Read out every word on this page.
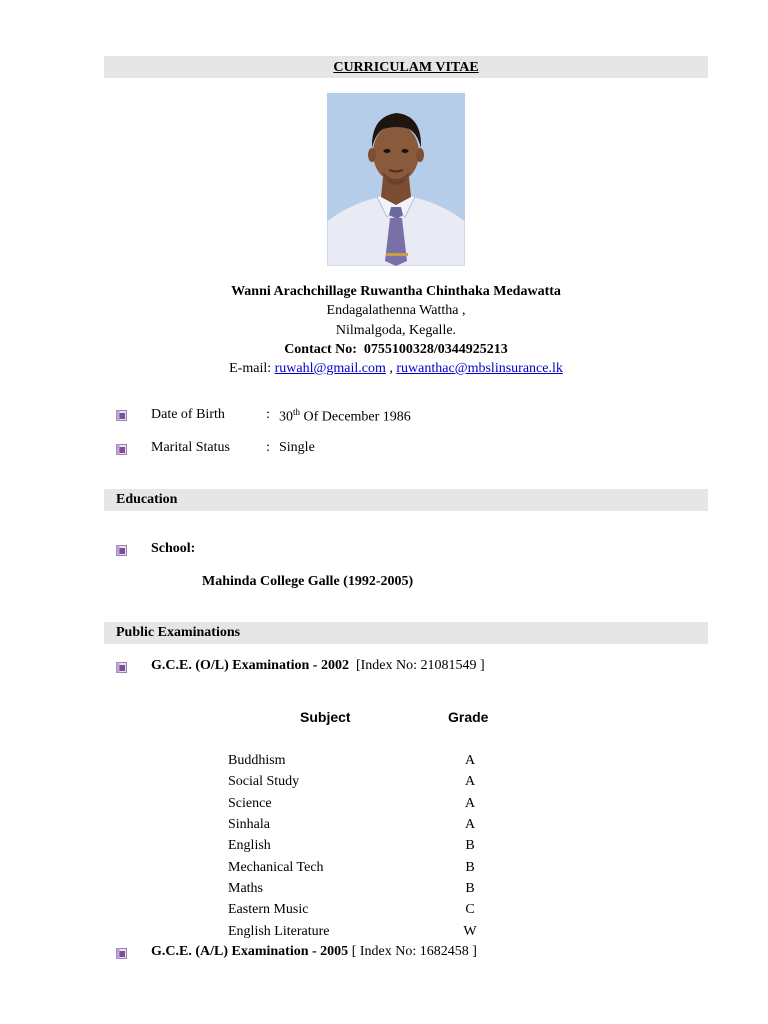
CURRICULAM VITAE
Wanni Arachchillage Ruwantha Chinthaka Medawatta
Endagalathenna Wattha ,
Nilmalgoda, Kegalle.
Contact No: 0755100328/0344925213
E-mail: ruwahl@gmail.com , ruwanthac@mbslinsurance.lk
Date of Birth	: 30th Of December 1986
Marital Status	: Single
Education
School:
Mahinda College Galle (1992-2005)
Public Examinations
G.C.E. (O/L) Examination - 2002 [Index No: 21081549 ]
Subject	Grade
Buddhism	A
Social Study	A
Science	A
Sinhala	A
English	B
Mechanical Tech	B
Maths	B
Eastern Music	C
English Literature	W
G.C.E. (A/L) Examination - 2005 [ Index No: 1682458 ]
